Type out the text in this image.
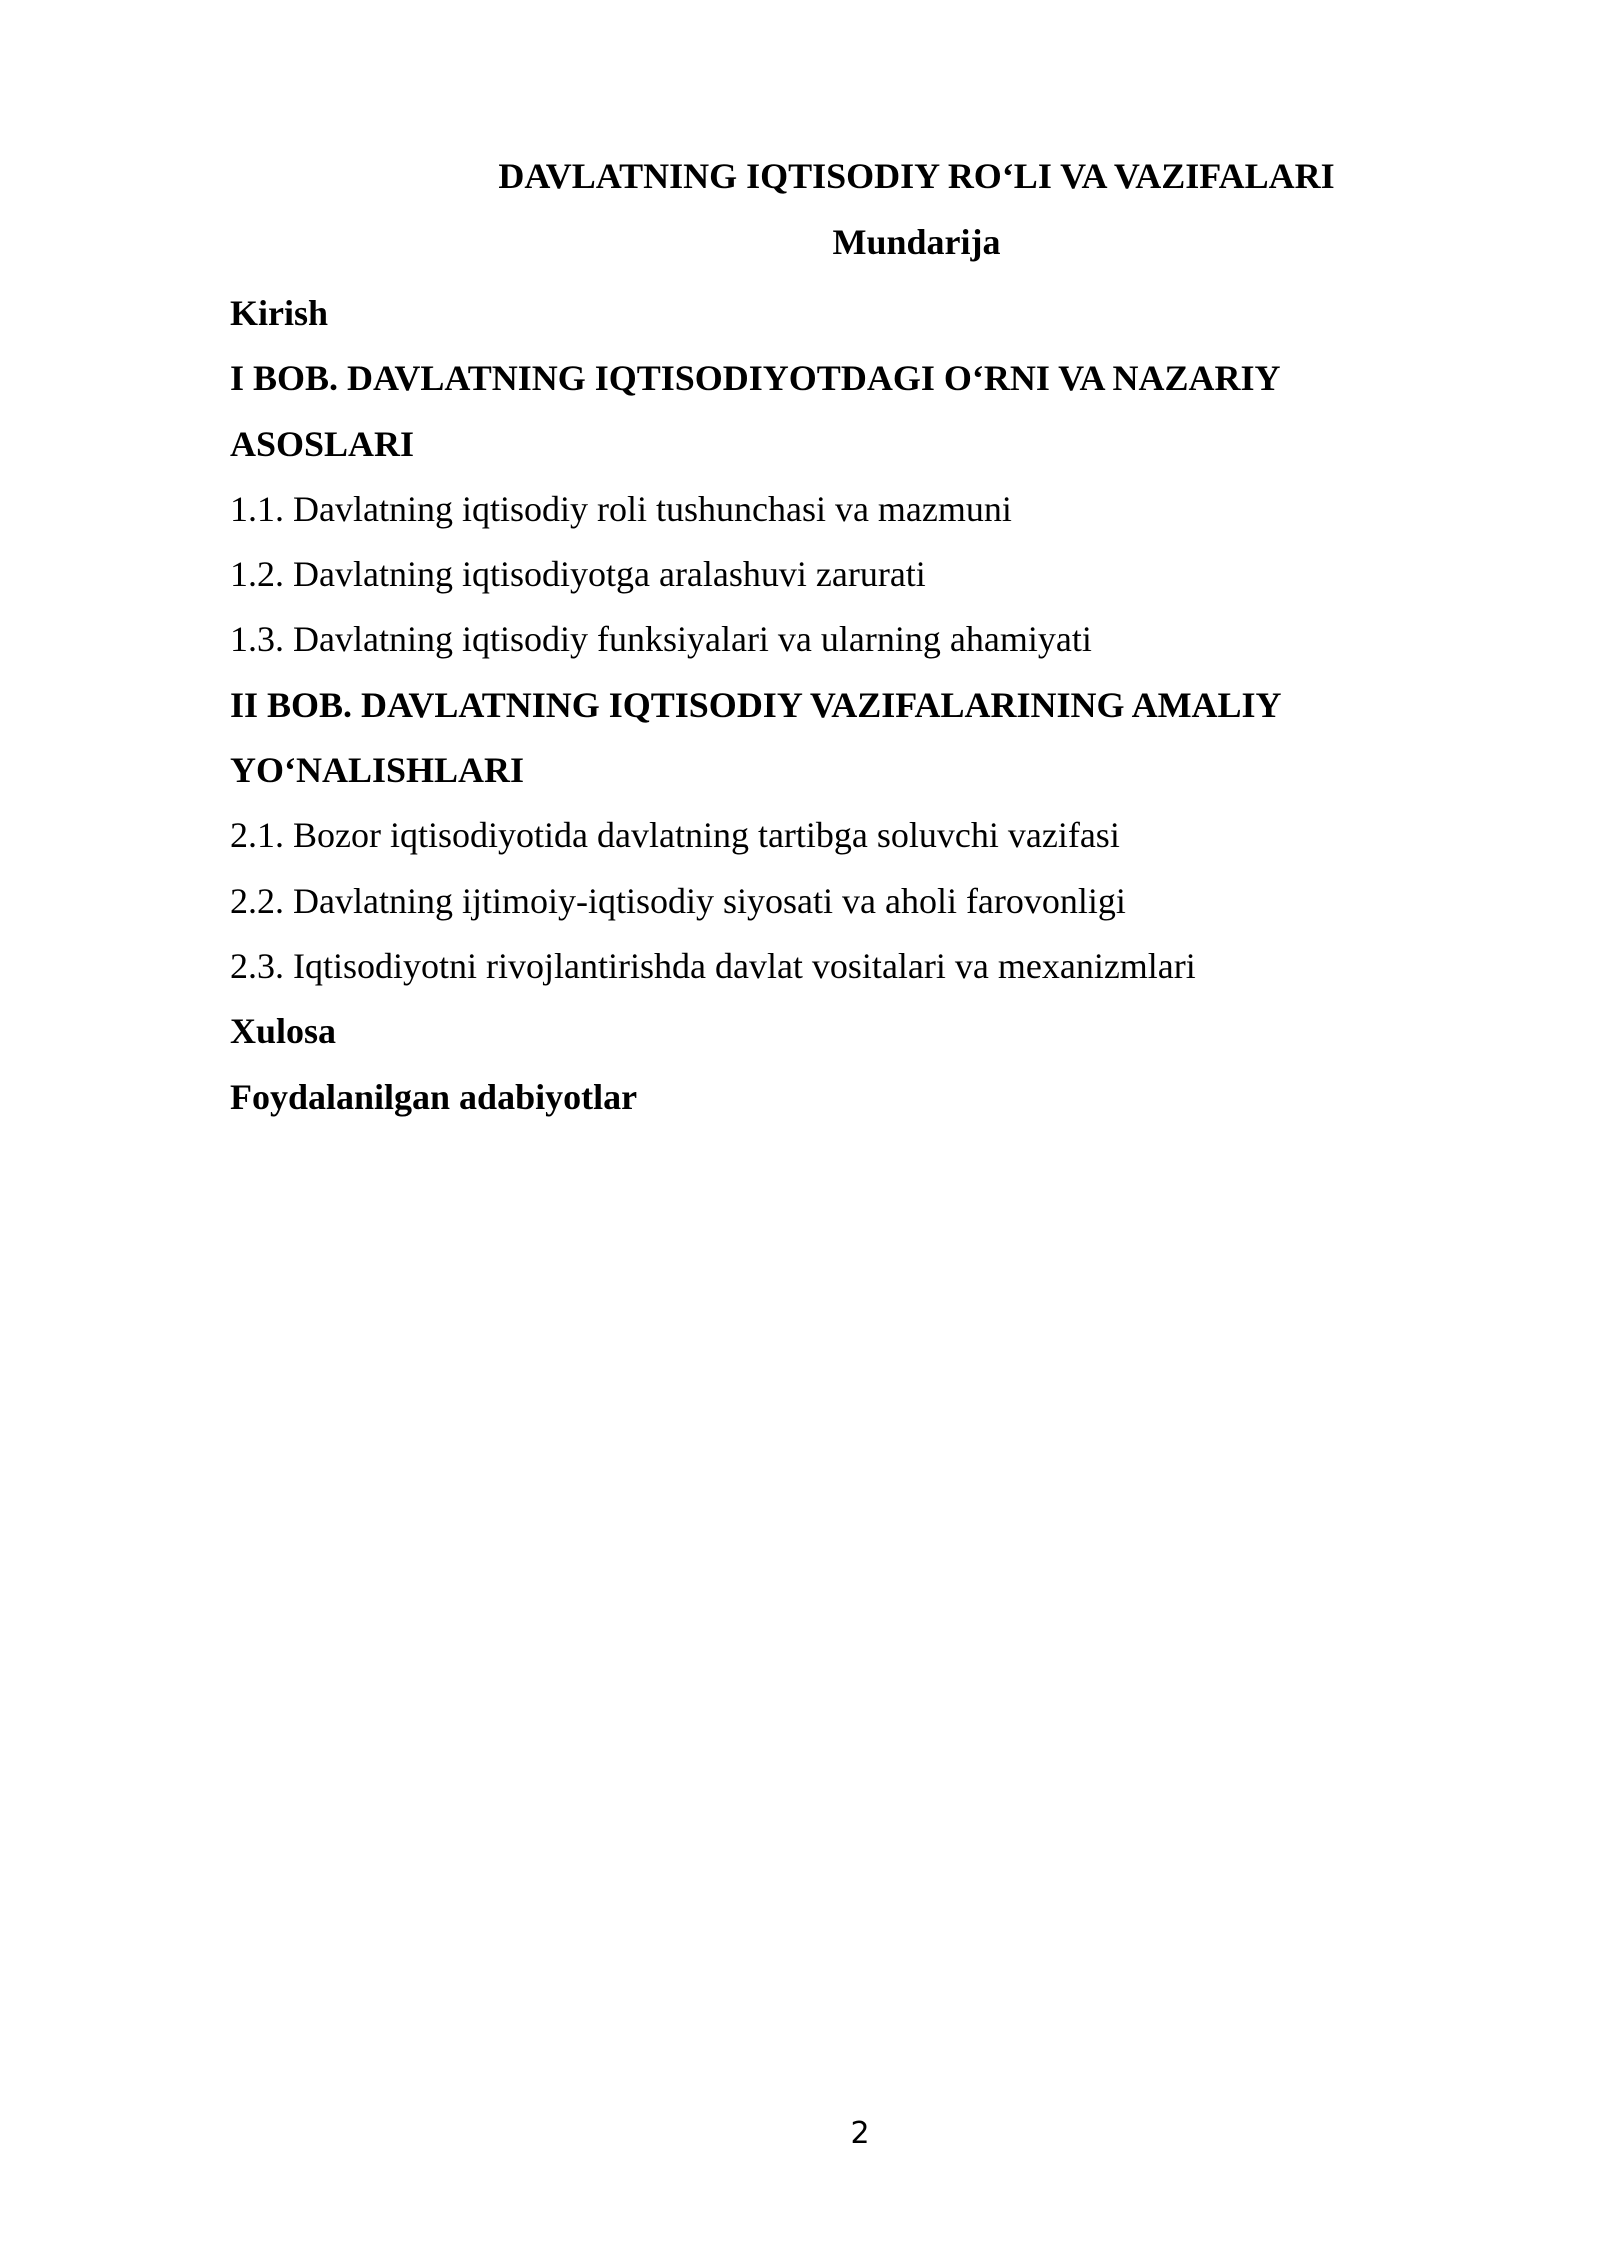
DAVLATNING IQTISODIY RO‘LI VA VAZIFALARI
Mundarija
Kirish
I BOB. DAVLATNING IQTISODIYOTDAGI O‘RNI VA NAZARIY
ASOSLARI
1.1. Davlatning iqtisodiy roli tushunchasi va mazmuni
1.2. Davlatning iqtisodiyotga aralashuvi zarurati
1.3. Davlatning iqtisodiy funksiyalari va ularning ahamiyati
II BOB. DAVLATNING IQTISODIY VAZIFALARINING AMALIY
YO‘NALISHLARI
2.1. Bozor iqtisodiyotida davlatning tartibga soluvchi vazifasi
2.2. Davlatning ijtimoiy-iqtisodiy siyosati va aholi farovonligi
2.3. Iqtisodiyotni rivojlantirishda davlat vositalari va mexanizmlari
Xulosa
Foydalanilgan adabiyotlar
2
